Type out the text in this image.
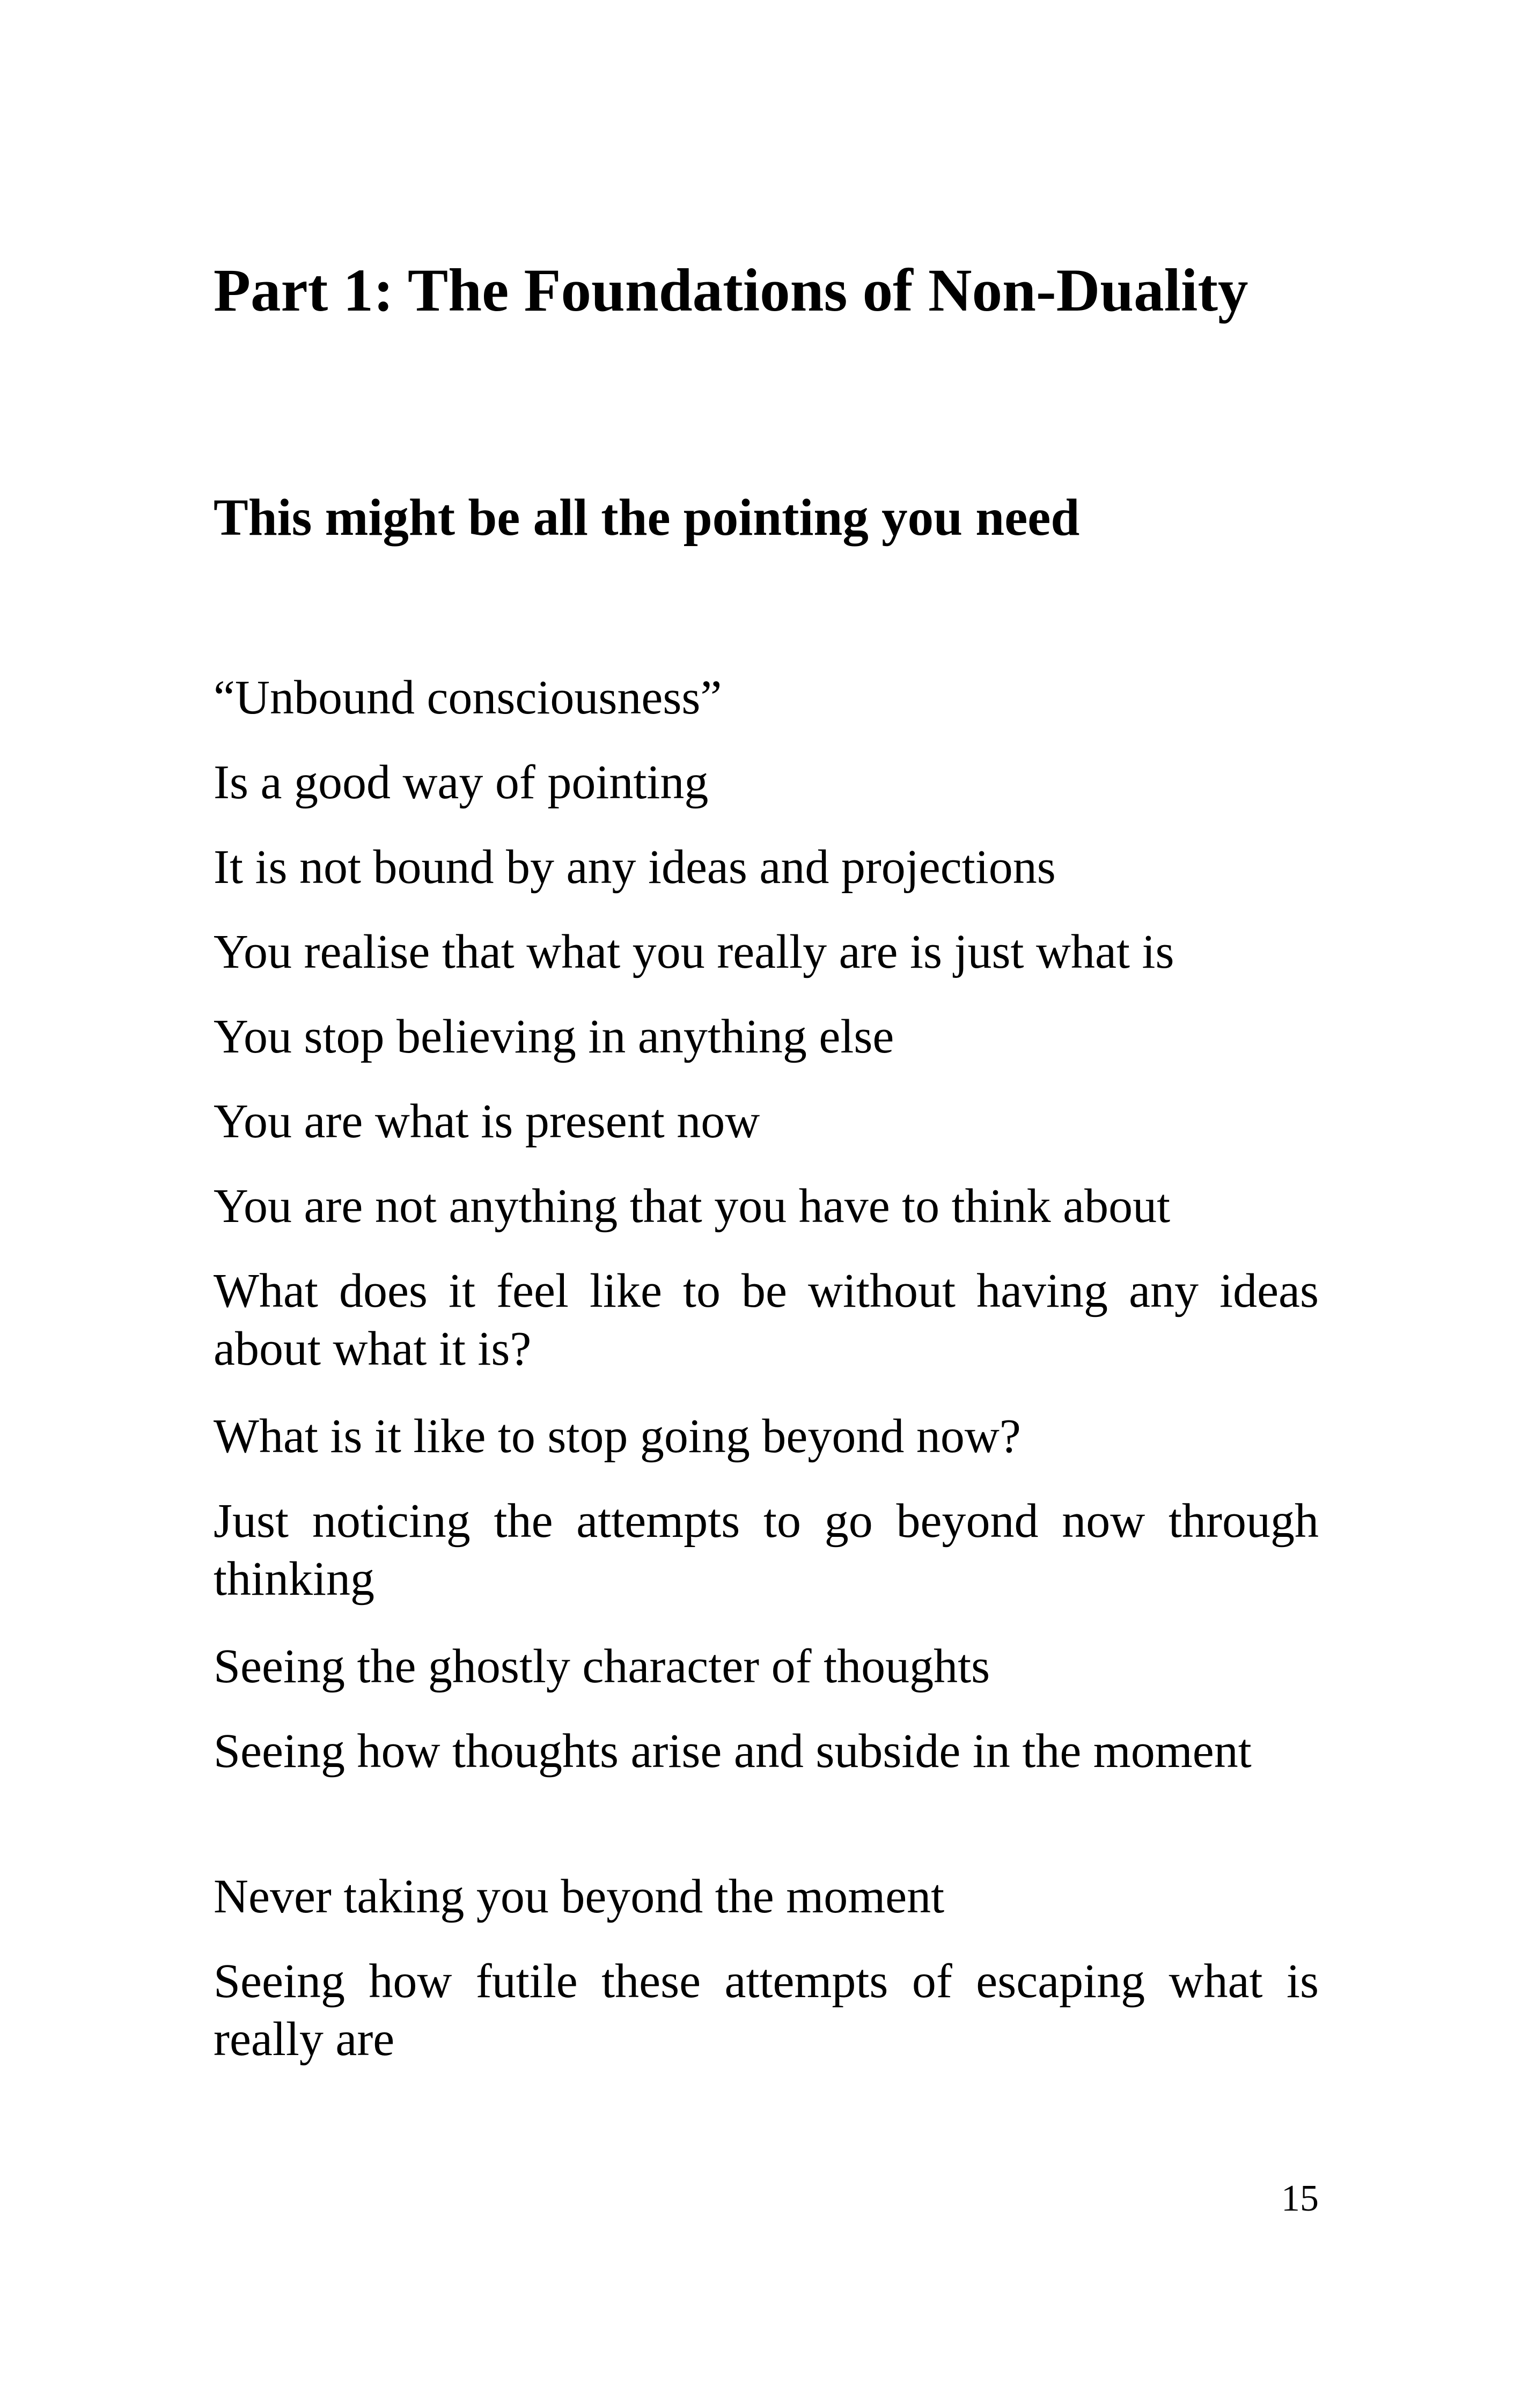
Part 1: The Foundations of Non-Duality
This might be all the pointing you need

“Unbound consciousness”

Is a good way of pointing

It is not bound by any ideas and projections

You realise that what you really are is just what is

You stop believing in anything else

You are what is present now

You are not anything that you have to think about

What does it feel like to be without having any ideas about what it is?

What is it like to stop going beyond now?

Just noticing the attempts to go beyond now through thinking

Seeing the ghostly character of thoughts

Seeing how thoughts arise and subside in the moment

Never taking you beyond the moment

Seeing how futile these attempts of escaping what is really are

15
